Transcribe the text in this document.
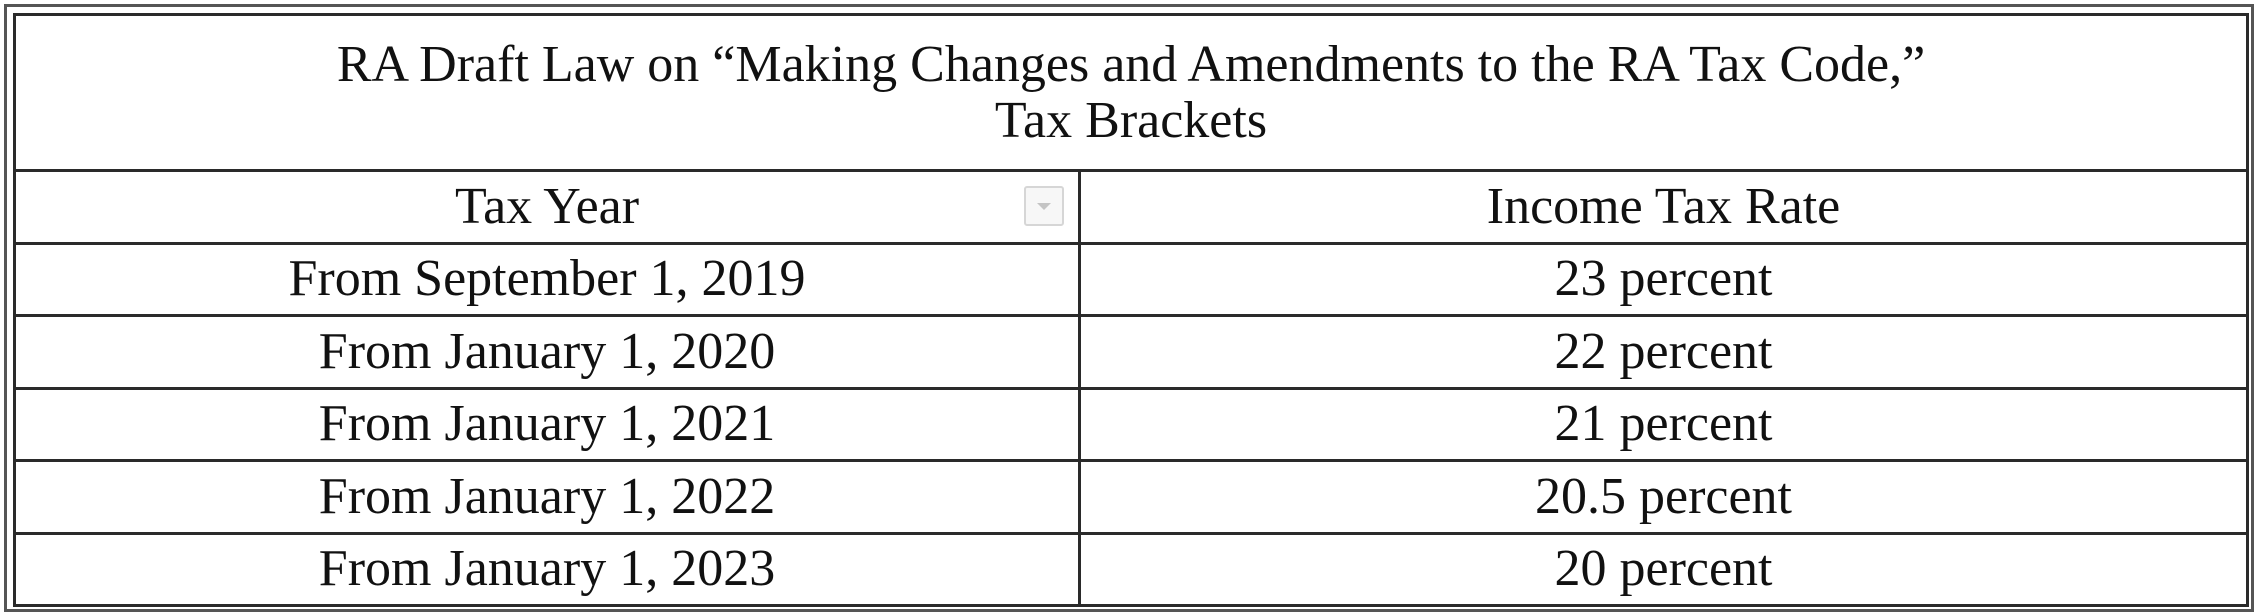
RA Draft Law on “Making Changes and Amendments to the RA Tax Code,”
Tax Brackets	

Tax Year	Income Tax Rate
From September 1, 2019	23 percent
From January 1, 2020	22 percent
From January 1, 2021	21 percent
From January 1, 2022	20.5 percent
From January 1, 2023	20 percent
